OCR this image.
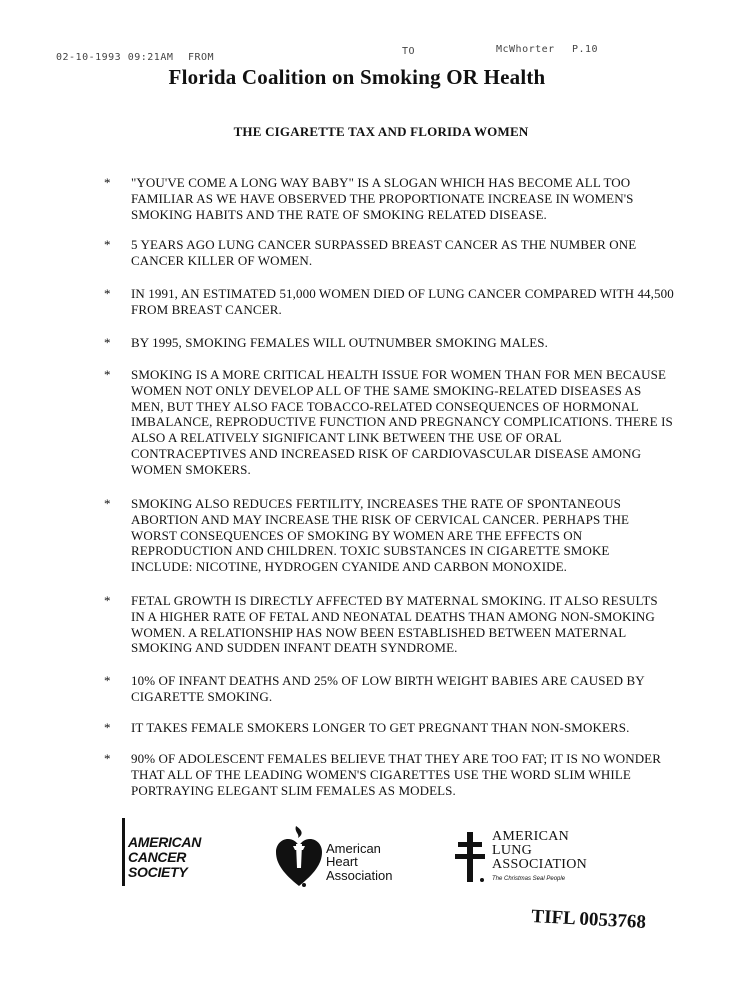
02-10-1993 09:21AM FROM
TO	McWhorter P.10
Florida Coalition on Smoking OR Health
THE CIGARETTE TAX AND FLORIDA WOMEN
* "YOU'VE COME A LONG WAY BABY" IS A SLOGAN WHICH HAS BECOME ALL TOO FAMILIAR AS WE HAVE OBSERVED THE PROPORTIONATE INCREASE IN WOMEN'S SMOKING HABITS AND THE RATE OF SMOKING RELATED DISEASE.
* 5 YEARS AGO LUNG CANCER SURPASSED BREAST CANCER AS THE NUMBER ONE CANCER KILLER OF WOMEN.
* IN 1991, AN ESTIMATED 51,000 WOMEN DIED OF LUNG CANCER COMPARED WITH 44,500 FROM BREAST CANCER.
* BY 1995, SMOKING FEMALES WILL OUTNUMBER SMOKING MALES.
* SMOKING IS A MORE CRITICAL HEALTH ISSUE FOR WOMEN THAN FOR MEN BECAUSE WOMEN NOT ONLY DEVELOP ALL OF THE SAME SMOKING-RELATED DISEASES AS MEN, BUT THEY ALSO FACE TOBACCO-RELATED CONSEQUENCES OF HORMONAL IMBALANCE, REPRODUCTIVE FUNCTION AND PREGNANCY COMPLICATIONS. THERE IS ALSO A RELATIVELY SIGNIFICANT LINK BETWEEN THE USE OF ORAL CONTRACEPTIVES AND INCREASED RISK OF CARDIOVASCULAR DISEASE AMONG WOMEN SMOKERS.
* SMOKING ALSO REDUCES FERTILITY, INCREASES THE RATE OF SPONTANEOUS ABORTION AND MAY INCREASE THE RISK OF CERVICAL CANCER. PERHAPS THE WORST CONSEQUENCES OF SMOKING BY WOMEN ARE THE EFFECTS ON REPRODUCTION AND CHILDREN. TOXIC SUBSTANCES IN CIGARETTE SMOKE INCLUDE: NICOTINE, HYDROGEN CYANIDE AND CARBON MONOXIDE.
* FETAL GROWTH IS DIRECTLY AFFECTED BY MATERNAL SMOKING. IT ALSO RESULTS IN A HIGHER RATE OF FETAL AND NEONATAL DEATHS THAN AMONG NON-SMOKING WOMEN. A RELATIONSHIP HAS NOW BEEN ESTABLISHED BETWEEN MATERNAL SMOKING AND SUDDEN INFANT DEATH SYNDROME.
* 10% OF INFANT DEATHS AND 25% OF LOW BIRTH WEIGHT BABIES ARE CAUSED BY CIGARETTE SMOKING.
* IT TAKES FEMALE SMOKERS LONGER TO GET PREGNANT THAN NON-SMOKERS.
* 90% OF ADOLESCENT FEMALES BELIEVE THAT THEY ARE TOO FAT; IT IS NO WONDER THAT ALL OF THE LEADING WOMEN'S CIGARETTES USE THE WORD SLIM WHILE PORTRAYING ELEGANT SLIM FEMALES AS MODELS.
AMERICAN
CANCER
SOCIETY
American
Heart
Association
AMERICAN
LUNG
ASSOCIATION
The Christmas Seal People
TIFL 0053768
